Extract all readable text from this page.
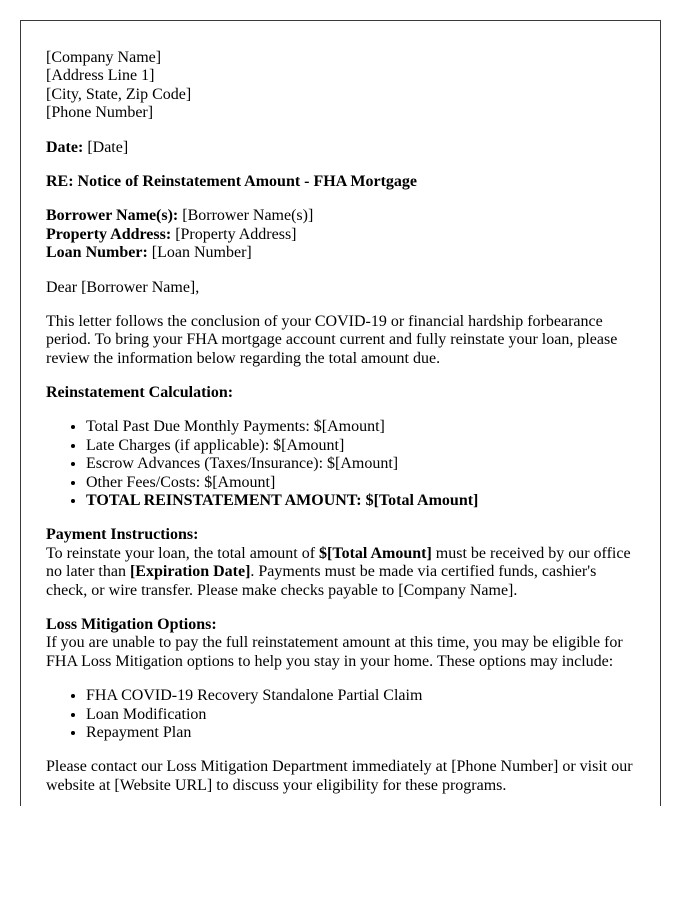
[Company Name]
[Address Line 1]
[City, State, Zip Code]
[Phone Number]

Date: [Date]

RE: Notice of Reinstatement Amount - FHA Mortgage

Borrower Name(s): [Borrower Name(s)]
Property Address: [Property Address]
Loan Number: [Loan Number]

Dear [Borrower Name],

This letter follows the conclusion of your COVID-19 or financial hardship forbearance period. To bring your FHA mortgage account current and fully reinstate your loan, please review the information below regarding the total amount due.

Reinstatement Calculation:

• Total Past Due Monthly Payments: $[Amount]
• Late Charges (if applicable): $[Amount]
• Escrow Advances (Taxes/Insurance): $[Amount]
• Other Fees/Costs: $[Amount]
• TOTAL REINSTATEMENT AMOUNT: $[Total Amount]

Payment Instructions:
To reinstate your loan, the total amount of $[Total Amount] must be received by our office no later than [Expiration Date]. Payments must be made via certified funds, cashier's check, or wire transfer. Please make checks payable to [Company Name].

Loss Mitigation Options:
If you are unable to pay the full reinstatement amount at this time, you may be eligible for FHA Loss Mitigation options to help you stay in your home. These options may include:

• FHA COVID-19 Recovery Standalone Partial Claim
• Loan Modification
• Repayment Plan

Please contact our Loss Mitigation Department immediately at [Phone Number] or visit our website at [Website URL] to discuss your eligibility for these programs.
